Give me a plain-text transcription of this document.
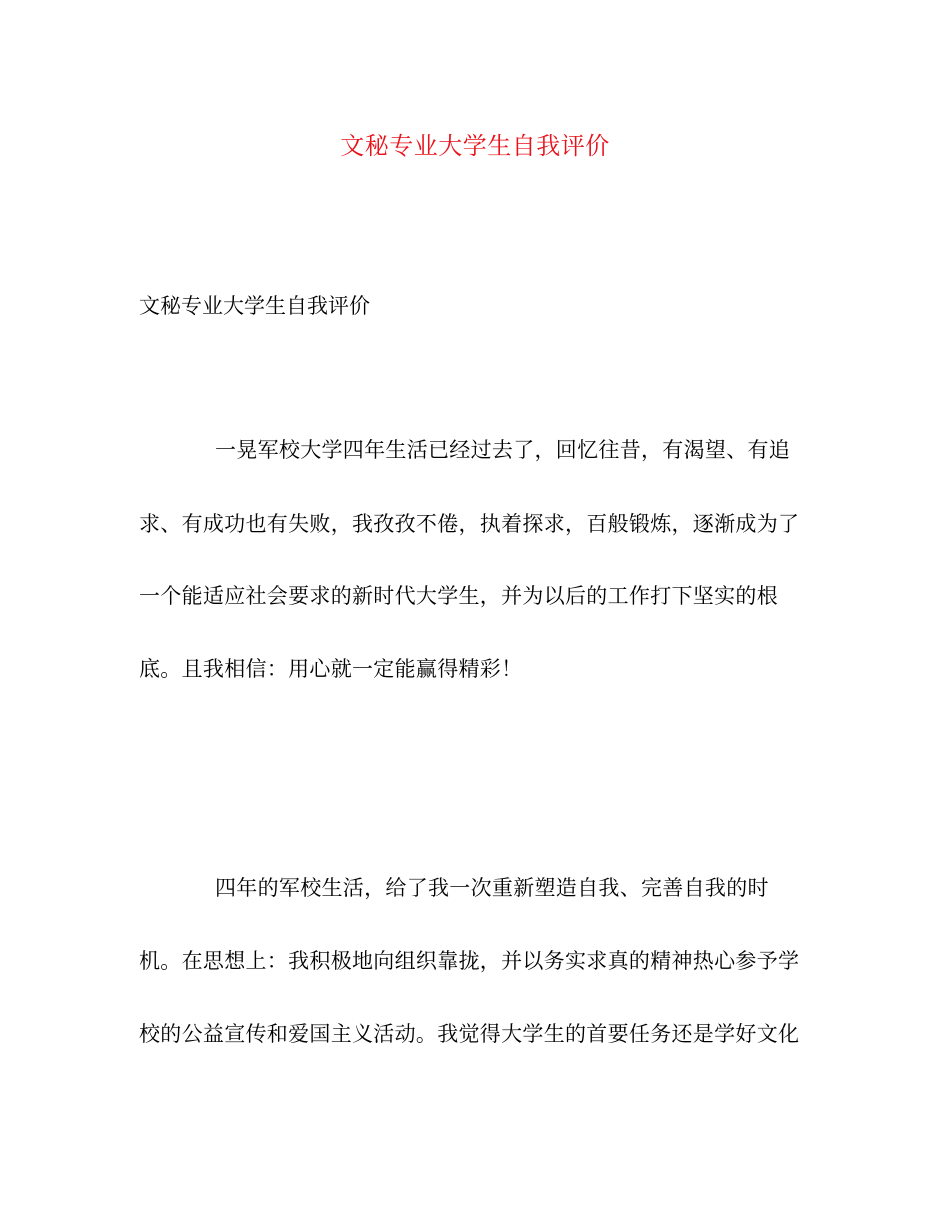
文秘专业大学生自我评价
文秘专业大学生自我评价
一晃军校大学四年生活已经过去了，回忆往昔，有渴望、有追
求、有成功也有失败，我孜孜不倦，执着探求，百般锻炼，逐渐成为了
一个能适应社会要求的新时代大学生，并为以后的工作打下坚实的根
底。且我相信：用心就一定能赢得精彩！
四年的军校生活，给了我一次重新塑造自我、完善自我的时
机。在思想上：我积极地向组织靠拢，并以务实求真的精神热心参予学
校的公益宣传和爱国主义活动。我觉得大学生的首要任务还是学好文化
